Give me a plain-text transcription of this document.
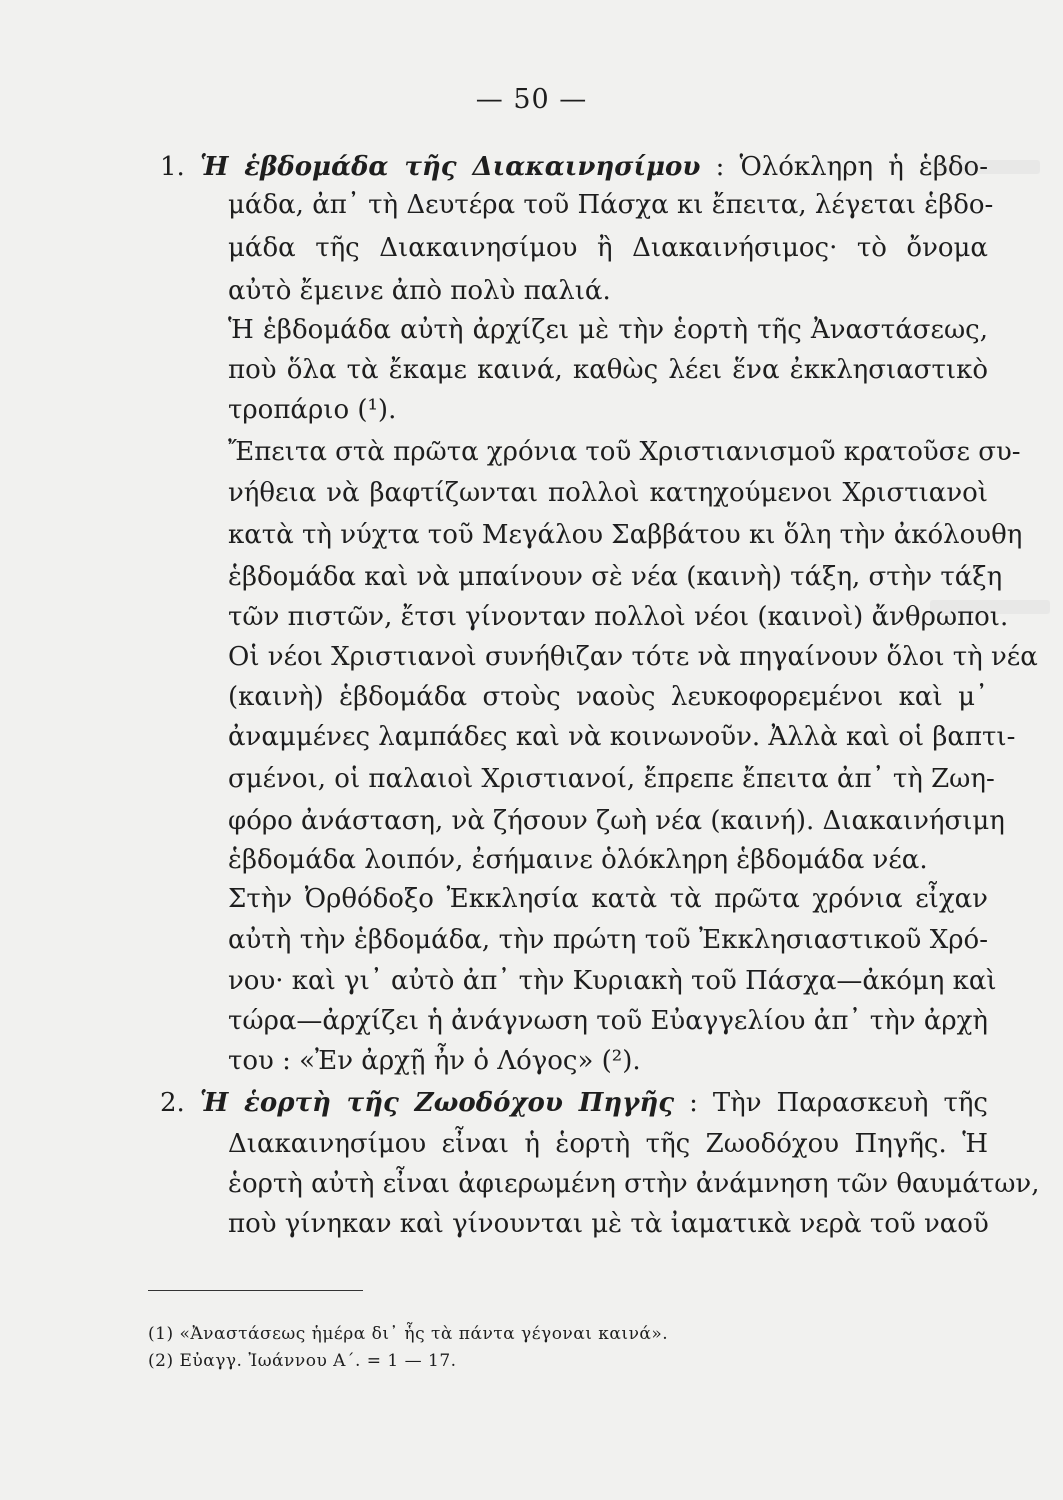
— 50 —
1. Ἡ ἑβδομάδα τῆς Διακαινησίμου : Ὁλόκληρη ἡ ἑβδο-
μάδα, ἀπ᾿ τὴ Δευτέρα τοῦ Πάσχα κι ἔπειτα, λέγεται ἑβδο-
μάδα τῆς Διακαινησίμου ἢ Διακαινήσιμος· τὸ ὄνομα
αὐτὸ ἔμεινε ἀπὸ πολὺ παλιά.
Ἡ ἑβδομάδα αὐτὴ ἀρχίζει μὲ τὴν ἑορτὴ τῆς Ἀναστάσεως,
ποὺ ὅλα τὰ ἔκαμε καινά, καθὼς λέει ἕνα ἐκκλησιαστικὸ
τροπάριο (¹).
Ἔπειτα στὰ πρῶτα χρόνια τοῦ Χριστιανισμοῦ κρατοῦσε συ-
νήθεια νὰ βαφτίζωνται πολλοὶ κατηχούμενοι Χριστιανοὶ
κατὰ τὴ νύχτα τοῦ Μεγάλου Σαββάτου κι ὅλη τὴν ἀκόλουθη
ἑβδομάδα καὶ νὰ μπαίνουν σὲ νέα (καινὴ) τάξη, στὴν τάξη
τῶν πιστῶν, ἔτσι γίνονταν πολλοὶ νέοι (καινοὶ) ἄνθρωποι.
Οἱ νέοι Χριστιανοὶ συνήθιζαν τότε νὰ πηγαίνουν ὅλοι τὴ νέα
(καινὴ) ἑβδομάδα στοὺς ναοὺς λευκοφορεμένοι καὶ μ᾿
ἀναμμένες λαμπάδες καὶ νὰ κοινωνοῦν. Ἀλλὰ καὶ οἱ βαπτι-
σμένοι, οἱ παλαιοὶ Χριστιανοί, ἔπρεπε ἔπειτα ἀπ᾿ τὴ Ζωη-
φόρο ἀνάσταση, νὰ ζήσουν ζωὴ νέα (καινή). Διακαινήσιμη
ἑβδομάδα λοιπόν, ἐσήμαινε ὁλόκληρη ἑβδομάδα νέα.
Στὴν Ὀρθόδοξο Ἐκκλησία κατὰ τὰ πρῶτα χρόνια εἶχαν
αὐτὴ τὴν ἑβδομάδα, τὴν πρώτη τοῦ Ἐκκλησιαστικοῦ Χρό-
νου· καὶ γι᾿ αὐτὸ ἀπ᾿ τὴν Κυριακὴ τοῦ Πάσχα—ἀκόμη καὶ
τώρα—ἀρχίζει ἡ ἀνάγνωση τοῦ Εὐαγγελίου ἀπ᾿ τὴν ἀρχὴ
του : «Ἐν ἀρχῇ ἦν ὁ Λόγος» (²).
2. Ἡ ἑορτὴ τῆς Ζωοδόχου Πηγῆς : Τὴν Παρασκευὴ τῆς
Διακαινησίμου εἶναι ἡ ἑορτὴ τῆς Ζωοδόχου Πηγῆς. Ἡ
ἑορτὴ αὐτὴ εἶναι ἀφιερωμένη στὴν ἀνάμνηση τῶν θαυμάτων,
ποὺ γίνηκαν καὶ γίνουνται μὲ τὰ ἰαματικὰ νερὰ τοῦ ναοῦ
(1) «Ἀναστάσεως ἡμέρα δι᾿ ἧς τὰ πάντα γέγοναι καινά».
(2) Εὐαγγ. Ἰωάννου Α΄. = 1 — 17.
